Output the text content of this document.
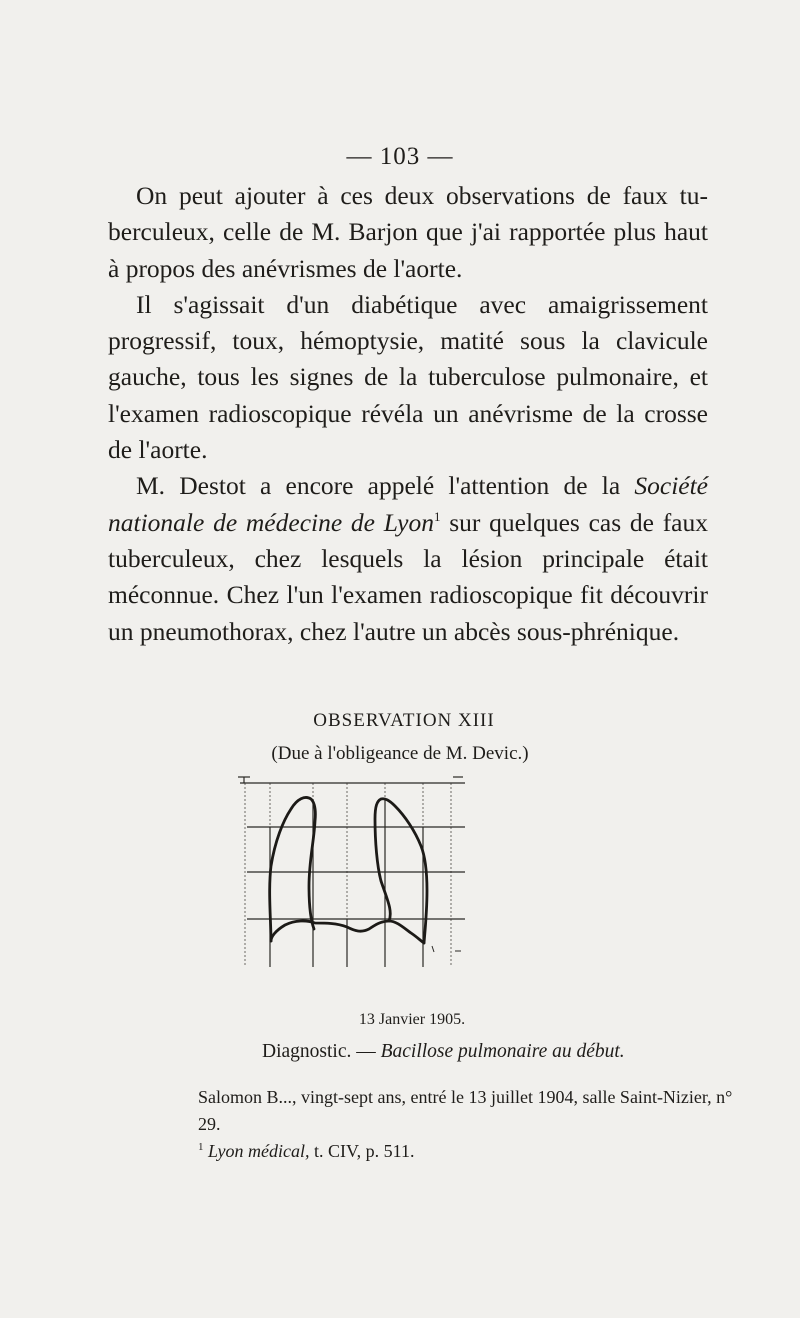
— 103 —

On peut ajouter à ces deux observations de faux tu-berculeux, celle de M. Barjon que j'ai rapportée plus haut à propos des anévrismes de l'aorte.

Il s'agissait d'un diabétique avec amaigrissement progressif, toux, hémoptysie, matité sous la clavicule gauche, tous les signes de la tuberculose pulmonaire, et l'examen radioscopique révéla un anévrisme de la crosse de l'aorte.

M. Destot a encore appelé l'attention de la Société nationale de médecine de Lyon$^1$ sur quelques cas de faux tuberculeux, chez lesquels la lésion principale était méconnue. Chez l'un l'examen radioscopique fit découvrir un pneumothorax, chez l'autre un abcès sous-phrénique.

OBSERVATION XIII
(Due à l'obligeance de M. Devic.)
13 Janvier 1905.
Diagnostic. — Bacillose pulmonaire au début.
Salomon B..., vingt-sept ans, entré le 13 juillet 1904, salle Saint-Nizier, n° 29.
$^1$ Lyon médical, t. CIV, p. 511.
